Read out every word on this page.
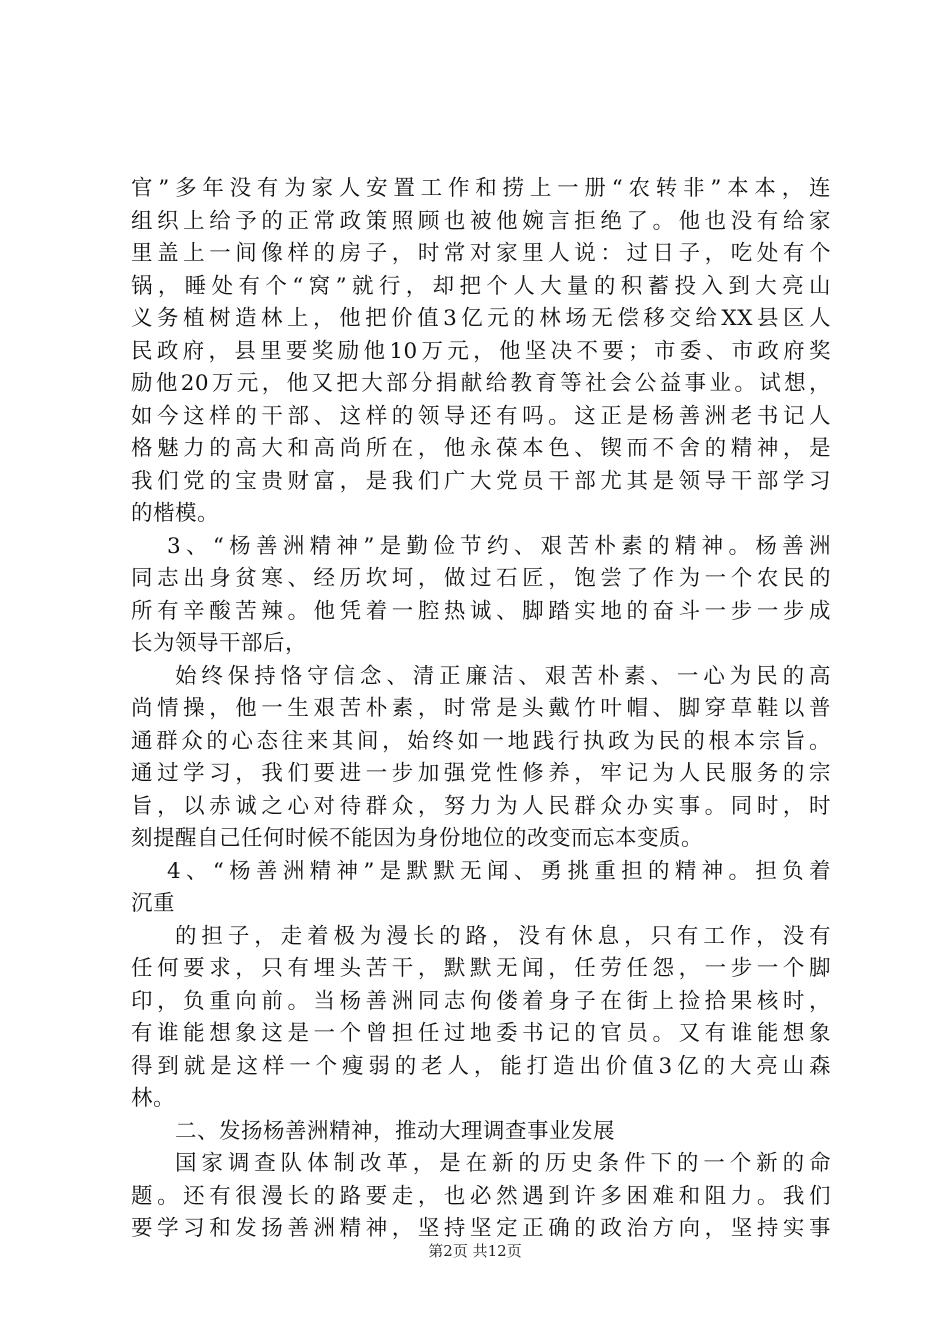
官”多年没有为家人安置工作和捞上一册“农转非”本本，连
组织上给予的正常政策照顾也被他婉言拒绝了。他也没有给家
里盖上一间像样的房子，时常对家里人说：过日子，吃处有个
锅，睡处有个“窝”就行，却把个人大量的积蓄投入到大亮山
义务植树造林上，他把价值3亿元的林场无偿移交给XX县区人
民政府，县里要奖励他10万元，他坚决不要；市委、市政府奖
励他20万元，他又把大部分捐献给教育等社会公益事业。试想，
如今这样的干部、这样的领导还有吗。这正是杨善洲老书记人
格魅力的高大和高尚所在，他永葆本色、锲而不舍的精神，是
我们党的宝贵财富，是我们广大党员干部尤其是领导干部学习
的楷模。
3、“杨善洲精神”是勤俭节约、艰苦朴素的精神。杨善洲
同志出身贫寒、经历坎坷，做过石匠，饱尝了作为一个农民的
所有辛酸苦辣。他凭着一腔热诚、脚踏实地的奋斗一步一步成
长为领导干部后，
始终保持恪守信念、清正廉洁、艰苦朴素、一心为民的高
尚情操，他一生艰苦朴素，时常是头戴竹叶帽、脚穿草鞋以普
通群众的心态往来其间，始终如一地践行执政为民的根本宗旨。
通过学习，我们要进一步加强党性修养，牢记为人民服务的宗
旨，以赤诚之心对待群众，努力为人民群众办实事。同时，时
刻提醒自己任何时候不能因为身份地位的改变而忘本变质。
4、“杨善洲精神”是默默无闻、勇挑重担的精神。担负着
沉重
的担子，走着极为漫长的路，没有休息，只有工作，没有
任何要求，只有埋头苦干，默默无闻，任劳任怨，一步一个脚
印，负重向前。当杨善洲同志佝偻着身子在街上捡拾果核时，
有谁能想象这是一个曾担任过地委书记的官员。又有谁能想象
得到就是这样一个瘦弱的老人，能打造出价值3亿的大亮山森
林。
二、发扬杨善洲精神，推动大理调查事业发展
国家调查队体制改革，是在新的历史条件下的一个新的命
题。还有很漫长的路要走，也必然遇到许多困难和阻力。我们
要学习和发扬善洲精神，坚持坚定正确的政治方向，坚持实事
第2页 共12页
